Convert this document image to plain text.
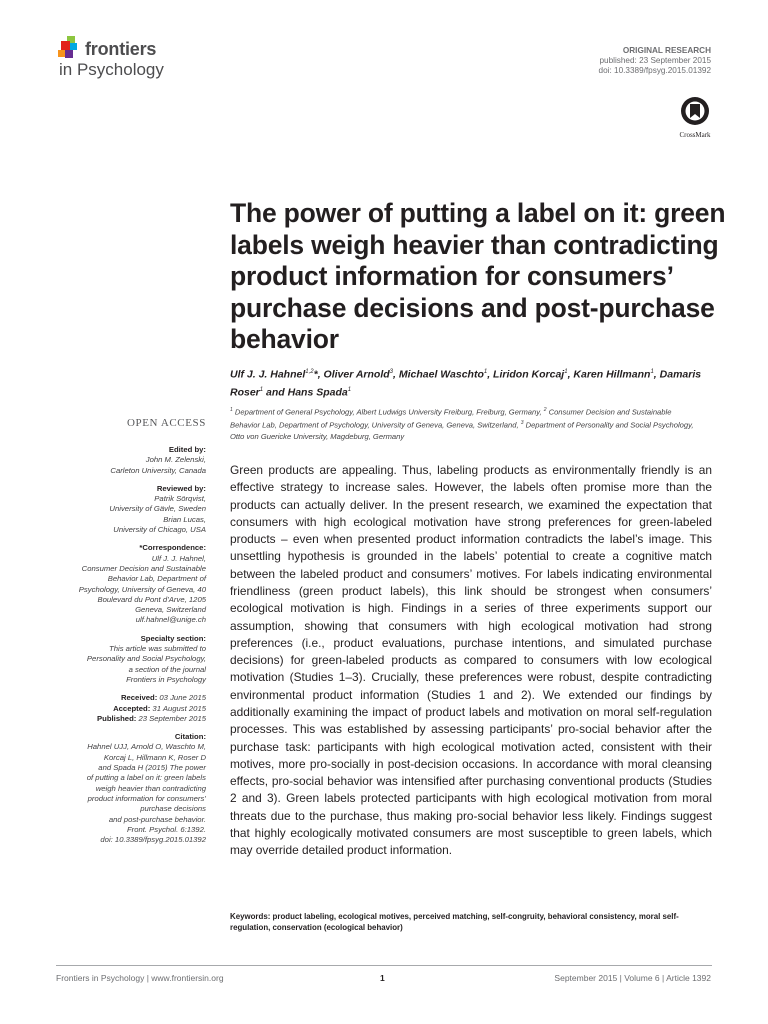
frontiers
in Psychology
ORIGINAL RESEARCH
published: 23 September 2015
doi: 10.3389/fpsyg.2015.01392
CrossMark
The power of putting a label on it: green labels weigh heavier than contradicting product information for consumers’ purchase decisions and post-purchase behavior
Ulf J. J. Hahnel$^{1,2}$*, Oliver Arnold$^3$, Michael Waschto$^1$, Liridon Korcaj$^1$, Karen Hillmann$^1$, Damaris Roser$^1$ and Hans Spada$^1$
$^1$ Department of General Psychology, Albert Ludwigs University Freiburg, Freiburg, Germany, $^2$ Consumer Decision and Sustainable Behavior Lab, Department of Psychology, University of Geneva, Geneva, Switzerland, $^3$ Department of Personality and Social Psychology, Otto von Guericke University, Magdeburg, Germany
OPEN ACCESS
Edited by:
John M. Zelenski,
Carleton University, Canada
Reviewed by:
Patrik Sörqvist,
University of Gävle, Sweden
Brian Lucas,
University of Chicago, USA
*Correspondence:
Ulf J. J. Hahnel,
Consumer Decision and Sustainable
Behavior Lab, Department of
Psychology, University of Geneva, 40
Boulevard du Pont d’Arve, 1205
Geneva, Switzerland
ulf.hahnel@unige.ch
Specialty section:
This article was submitted to
Personality and Social Psychology,
a section of the journal
Frontiers in Psychology
Received: 03 June 2015
Accepted: 31 August 2015
Published: 23 September 2015
Citation:
Hahnel UJJ, Arnold O, Waschto M,
Korcaj L, Hillmann K, Roser D
and Spada H (2015) The power
of putting a label on it: green labels
weigh heavier than contradicting
product information for consumers’
purchase decisions
and post-purchase behavior.
Front. Psychol. 6:1392.
doi: 10.3389/fpsyg.2015.01392
Green products are appealing. Thus, labeling products as environmentally friendly is an effective strategy to increase sales. However, the labels often promise more than the products can actually deliver. In the present research, we examined the expectation that consumers with high ecological motivation have strong preferences for green-labeled products – even when presented product information contradicts the label’s image. This unsettling hypothesis is grounded in the labels’ potential to create a cognitive match between the labeled product and consumers’ motives. For labels indicating environmental friendliness (green product labels), this link should be strongest when consumers’ ecological motivation is high. Findings in a series of three experiments support our assumption, showing that consumers with high ecological motivation had strong preferences (i.e., product evaluations, purchase intentions, and simulated purchase decisions) for green-labeled products as compared to consumers with low ecological motivation (Studies 1–3). Crucially, these preferences were robust, despite contradicting environmental product information (Studies 1 and 2). We extended our findings by additionally examining the impact of product labels and motivation on moral self-regulation processes. This was established by assessing participants’ pro-social behavior after the purchase task: participants with high ecological motivation acted, consistent with their motives, more pro-socially in post-decision occasions. In accordance with moral cleansing effects, pro-social behavior was intensified after purchasing conventional products (Studies 2 and 3). Green labels protected participants with high ecological motivation from moral threats due to the purchase, thus making pro-social behavior less likely. Findings suggest that highly ecologically motivated consumers are most susceptible to green labels, which may override detailed product information.
Keywords: product labeling, ecological motives, perceived matching, self-congruity, behavioral consistency, moral self-regulation, conservation (ecological behavior)
Frontiers in Psychology | www.frontiersin.org	1	September 2015 | Volume 6 | Article 1392
